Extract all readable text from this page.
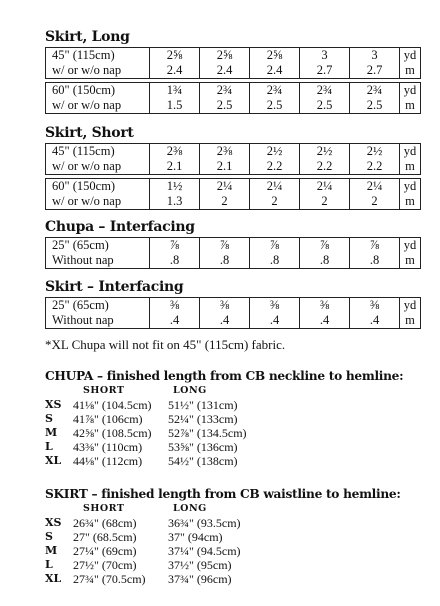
Skirt, Long
45" (115cm)	2⅝	2⅝	2⅝	3	3	yd
w/ or w/o nap	2.4	2.4	2.4	2.7	2.7	m

60" (150cm)	1¾	2¾	2¾	2¾	2¾	yd
w/ or w/o nap	1.5	2.5	2.5	2.5	2.5	m
Skirt, Short
45" (115cm)	2⅜	2⅜	2½	2½	2½	yd
w/ or w/o nap	2.1	2.1	2.2	2.2	2.2	m

60" (150cm)	1½	2¼	2¼	2¼	2¼	yd
w/ or w/o nap	1.3	2	2	2	2	m
Chupa – Interfacing
25" (65cm)	⅞	⅞	⅞	⅞	⅞	yd
Without nap	.8	.8	.8	.8	.8	m
Skirt – Interfacing
25" (65cm)	⅜	⅜	⅜	⅜	⅜	yd
Without nap	.4	.4	.4	.4	.4	m

*XL Chupa will not fit on 45" (115cm) fabric.

CHUPA – finished length from CB neckline to hemline:
SHORT	LONG
XS 41⅛" (104.5cm) 51½" (131cm)
S 41⅞" (106cm) 52¼" (133cm)
M 42⅝" (108.5cm) 52⅞" (134.5cm)
L 43⅜" (110cm) 53⅝" (136cm)
XL 44⅛" (112cm) 54½" (138cm)
SKIRT – finished length from CB waistline to hemline:
SHORT	LONG
XS 26¾" (68cm)	36¾" (93.5cm)
S 27" (68.5cm)	37" (94cm)
M 27¼" (69cm)	37¼" (94.5cm)
L 27½" (70cm)	37½" (95cm)
XL 27¾" (70.5cm) 37¾" (96cm)
